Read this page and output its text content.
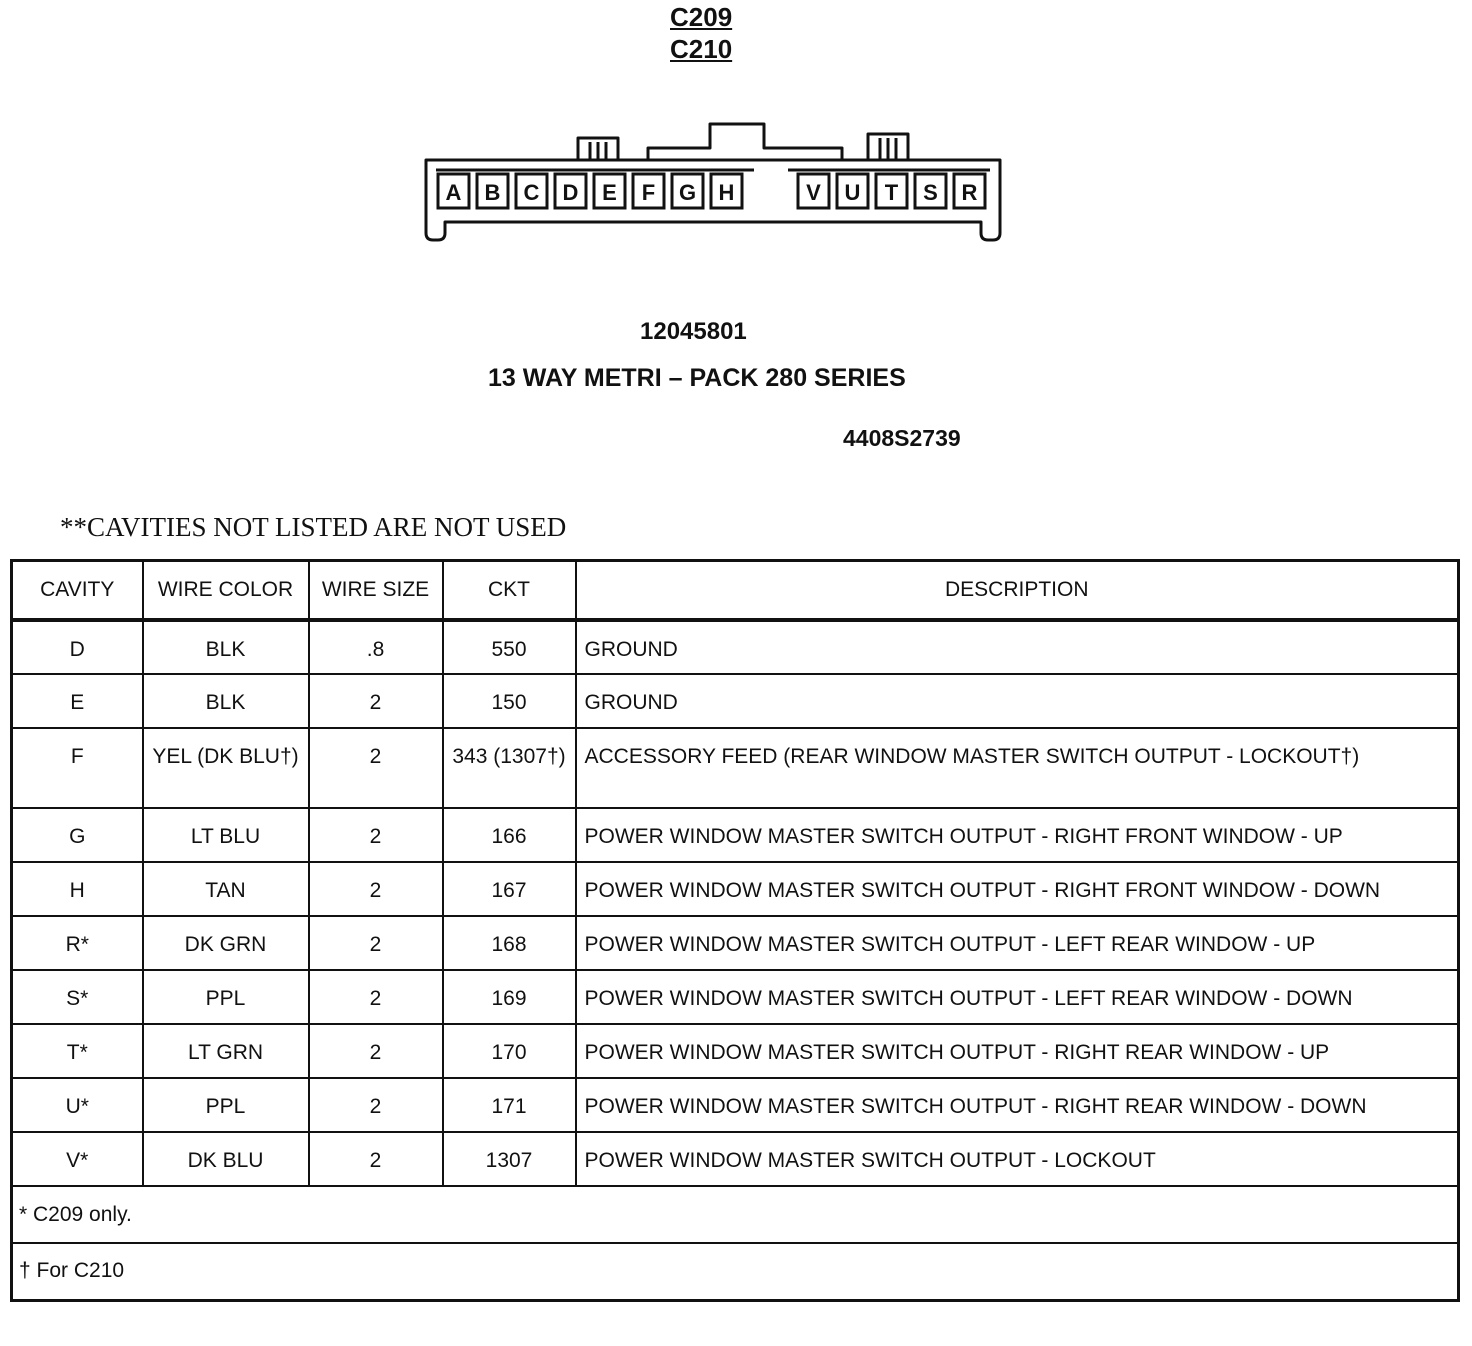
C209
C210
A B C D E F G H	V U T S R
12045801
13 WAY METRI – PACK 280 SERIES
4408S2739
**CAVITIES NOT LISTED ARE NOT USED
CAVITY	WIRE COLOR	WIRE SIZE	CKT	DESCRIPTION
D	BLK	.8	550	GROUND
E	BLK	2	150	GROUND
F	YEL (DK BLU†)	2	343 (1307†)	ACCESSORY FEED (REAR WINDOW MASTER SWITCH OUTPUT - LOCKOUT†)
G	LT BLU	2	166	POWER WINDOW MASTER SWITCH OUTPUT - RIGHT FRONT WINDOW - UP
H	TAN	2	167	POWER WINDOW MASTER SWITCH OUTPUT - RIGHT FRONT WINDOW - DOWN
R*	DK GRN	2	168	POWER WINDOW MASTER SWITCH OUTPUT - LEFT REAR WINDOW - UP
S*	PPL	2	169	POWER WINDOW MASTER SWITCH OUTPUT - LEFT REAR WINDOW - DOWN
T*	LT GRN	2	170	POWER WINDOW MASTER SWITCH OUTPUT - RIGHT REAR WINDOW - UP
U*	PPL	2	171	POWER WINDOW MASTER SWITCH OUTPUT - RIGHT REAR WINDOW - DOWN
V*	DK BLU	2	1307	POWER WINDOW MASTER SWITCH OUTPUT - LOCKOUT
* C209 only.				
† For C210				
